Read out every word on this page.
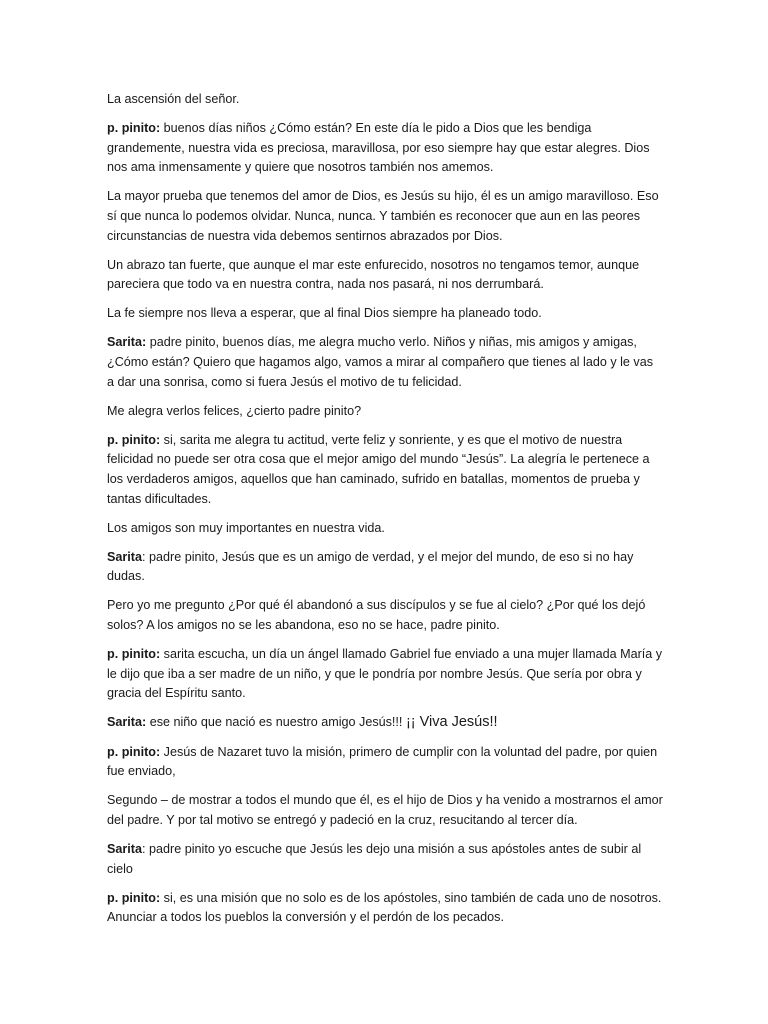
La ascensión del señor.

p. pinito: buenos días niños ¿Cómo están? En este día le pido a Dios que les bendiga grandemente, nuestra vida es preciosa, maravillosa, por eso siempre hay que estar alegres. Dios nos ama inmensamente y quiere que nosotros también nos amemos.

La mayor prueba que tenemos del amor de Dios, es Jesús su hijo, él es un amigo maravilloso. Eso sí que nunca lo podemos olvidar. Nunca, nunca. Y también es reconocer que aun en las peores circunstancias de nuestra vida debemos sentirnos abrazados por Dios.

Un abrazo tan fuerte, que aunque el mar este enfurecido, nosotros no tengamos temor, aunque pareciera que todo va en nuestra contra, nada nos pasará, ni nos derrumbará.

La fe siempre nos lleva a esperar, que al final Dios siempre ha planeado todo.

Sarita: padre pinito, buenos días, me alegra mucho verlo. Niños y niñas, mis amigos y amigas, ¿Cómo están? Quiero que hagamos algo, vamos a mirar al compañero que tienes al lado y le vas a dar una sonrisa, como si fuera Jesús el motivo de tu felicidad.

Me alegra verlos felices, ¿cierto padre pinito?

p. pinito: si, sarita me alegra tu actitud, verte feliz y sonriente, y es que el motivo de nuestra felicidad no puede ser otra cosa que el mejor amigo del mundo “Jesús”. La alegría le pertenece a los verdaderos amigos, aquellos que han caminado, sufrido en batallas, momentos de prueba y tantas dificultades.

Los amigos son muy importantes en nuestra vida.

Sarita: padre pinito, Jesús que es un amigo de verdad, y el mejor del mundo, de eso si no hay dudas.

Pero yo me pregunto ¿Por qué él abandonó a sus discípulos y se fue al cielo? ¿Por qué los dejó solos? A los amigos no se les abandona, eso no se hace, padre pinito.

p. pinito: sarita escucha, un día un ángel llamado Gabriel fue enviado a una mujer llamada María y le dijo que iba a ser madre de un niño, y que le pondría por nombre Jesús. Que sería por obra y gracia del Espíritu santo.

Sarita: ese niño que nació es nuestro amigo Jesús!!! ¡¡ Viva Jesús!!

p. pinito: Jesús de Nazaret tuvo la misión, primero de cumplir con la voluntad del padre, por quien fue enviado,

Segundo – de mostrar a todos el mundo que él, es el hijo de Dios y ha venido a mostrarnos el amor del padre. Y por tal motivo se entregó y padeció en la cruz, resucitando al tercer día.

Sarita: padre pinito yo escuche que Jesús les dejo una misión a sus apóstoles antes de subir al cielo

p. pinito: si, es una misión que no solo es de los apóstoles, sino también de cada uno de nosotros. Anunciar a todos los pueblos la conversión y el perdón de los pecados.
